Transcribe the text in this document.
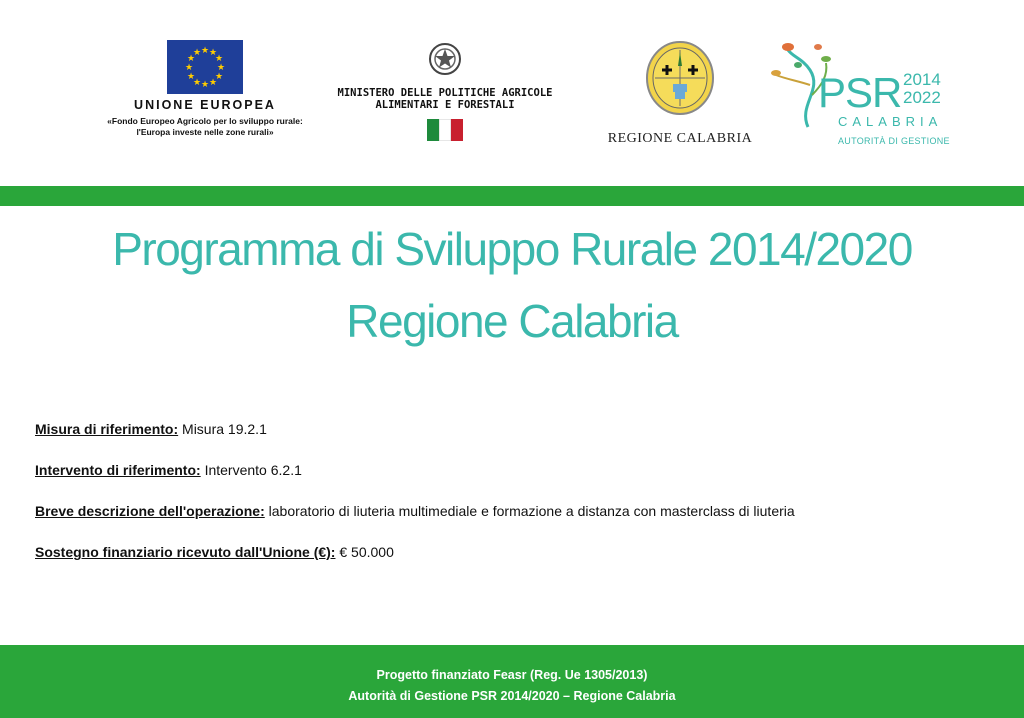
★ ★
★
★
★
★
★
★
★
★
★
★
UNIONE EUROPEA
«Fondo Europeo Agricolo per lo sviluppo rurale:
l'Europa investe nelle zone rurali»
MINISTERO DELLE POLITICHE AGRICOLE
ALIMENTARI E FORESTALI
REGIONE CALABRIA
PSR 2014
2022
CALABRIA
AUTORITÀ DI GESTIONE
Programma di Sviluppo Rurale 2014/2020
Regione Calabria
Misura di riferimento: Misura 19.2.1
Intervento di riferimento: Intervento 6.2.1
Breve descrizione dell'operazione: laboratorio di liuteria multimediale e formazione a distanza con masterclass di liuteria
Sostegno finanziario ricevuto dall'Unione (€): € 50.000
Progetto finanziato Feasr (Reg. Ue 1305/2013)
Autorità di Gestione PSR 2014/2020 – Regione Calabria
